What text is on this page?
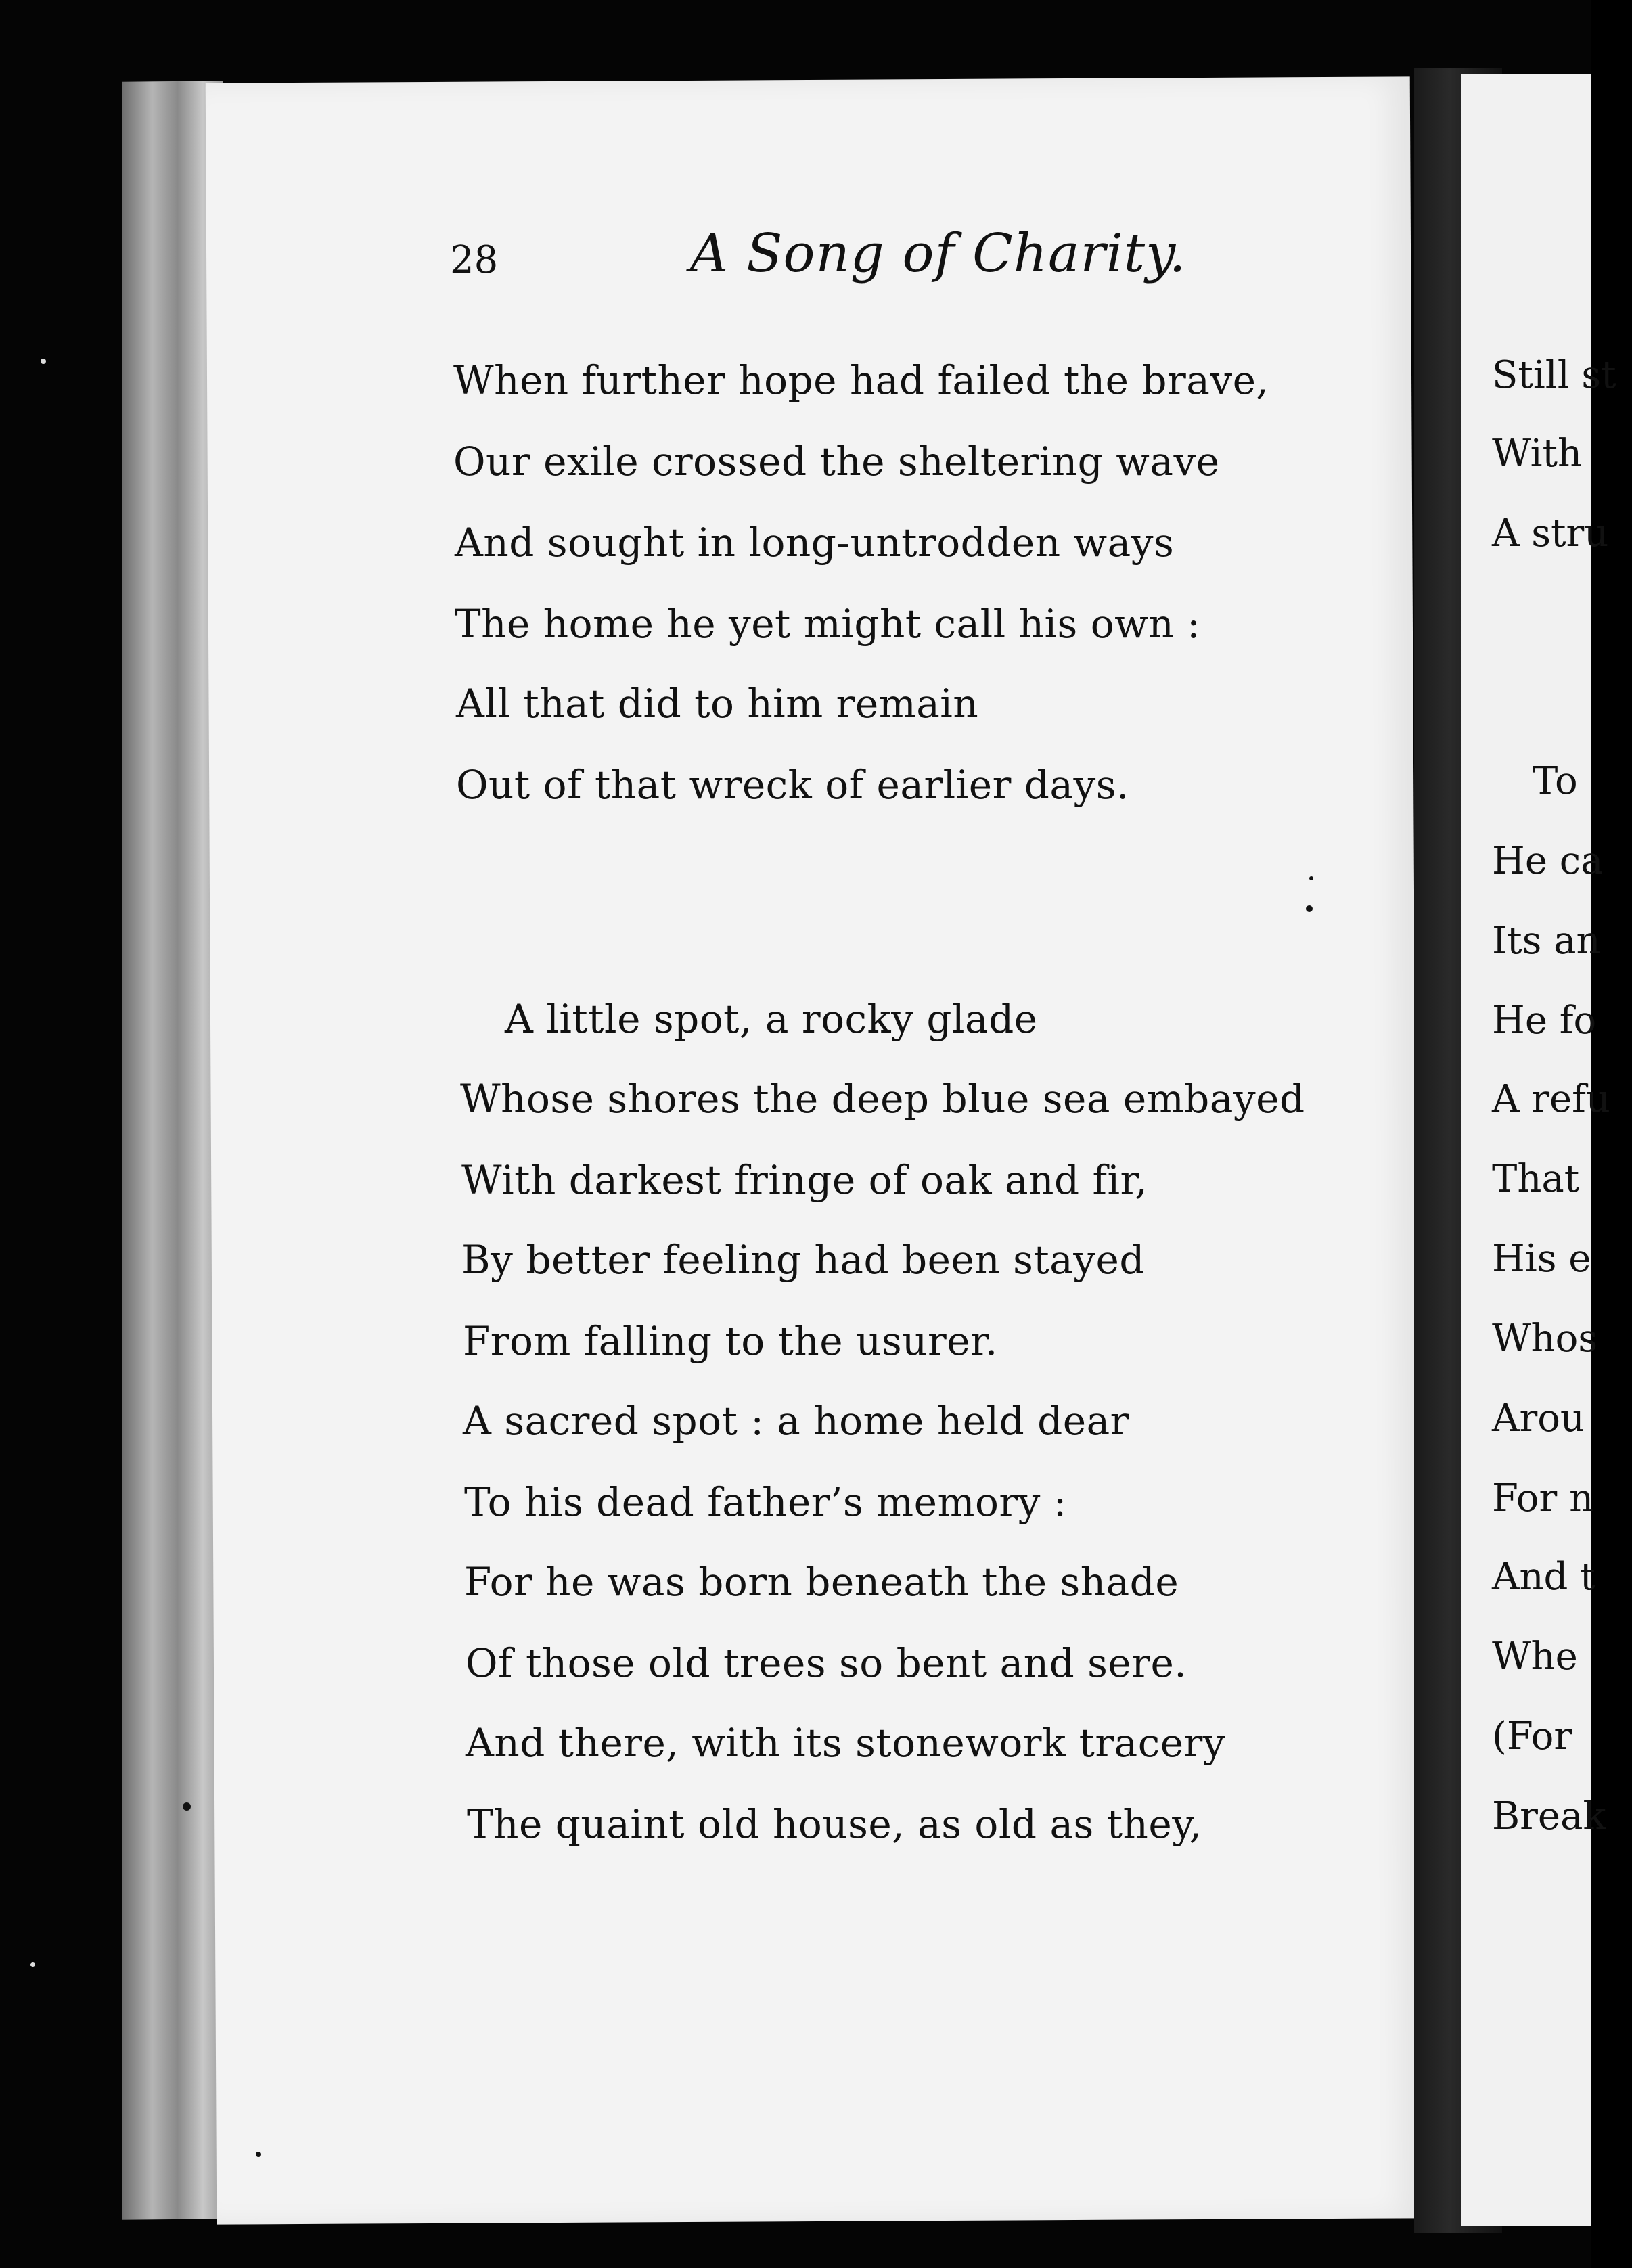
28	A Song of Charity.
When further hope had failed the brave,
Our exile crossed the sheltering wave
And sought in long-untrodden ways
The home he yet might call his own :
All that did to him remain
Out of that wreck of earlier days.
A little spot, a rocky glade
Whose shores the deep blue sea embayed
With darkest fringe of oak and fir,
By better feeling had been stayed
From falling to the usurer.
A sacred spot : a home held dear
To his dead father’s memory :
For he was born beneath the shade
Of those old trees so bent and sere.
And there, with its stonework tracery
The quaint old house, as old as they,
Still st
With
A stru
To
He ca
Its an
He fo
A refu
That
His e
Whos
Arou
For n
And t
Whe
(For
Break
